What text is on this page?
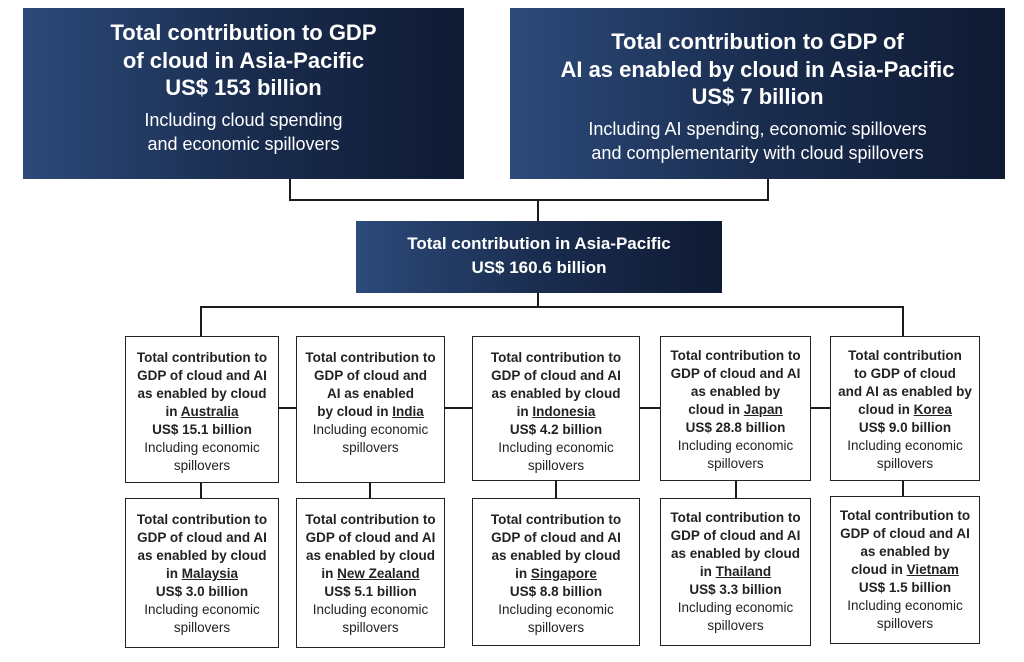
Total contribution to GDP
of cloud in Asia-Pacific
US$ 153 billion
Including cloud spending
and economic spillovers
Total contribution to GDP of
AI as enabled by cloud in Asia-Pacific
US$ 7 billion
Including AI spending, economic spillovers
and complementarity with cloud spillovers
Total contribution in Asia-Pacific
US$ 160.6 billion
Total contribution to
GDP of cloud and AI
as enabled by cloud
in Australia
US$ 15.1 billion
Including economic
spillovers
Total contribution to
GDP of cloud and
AI as enabled
by cloud in India
Including economic
spillovers
Total contribution to
GDP of cloud and AI
as enabled by cloud
in Indonesia
US$ 4.2 billion
Including economic
spillovers
Total contribution to
GDP of cloud and AI
as enabled by
cloud in Japan
US$ 28.8 billion
Including economic
spillovers
Total contribution
to GDP of cloud
and AI as enabled by
cloud in Korea
US$ 9.0 billion
Including economic
spillovers
Total contribution to
GDP of cloud and AI
as enabled by cloud
in Malaysia
US$ 3.0 billion
Including economic
spillovers
Total contribution to
GDP of cloud and AI
as enabled by cloud
in New Zealand
US$ 5.1 billion
Including economic
spillovers
Total contribution to
GDP of cloud and AI
as enabled by cloud
in Singapore
US$ 8.8 billion
Including economic
spillovers
Total contribution to
GDP of cloud and AI
as enabled by cloud
in Thailand
US$ 3.3 billion
Including economic
spillovers
Total contribution to
GDP of cloud and AI
as enabled by
cloud in Vietnam
US$ 1.5 billion
Including economic
spillovers
